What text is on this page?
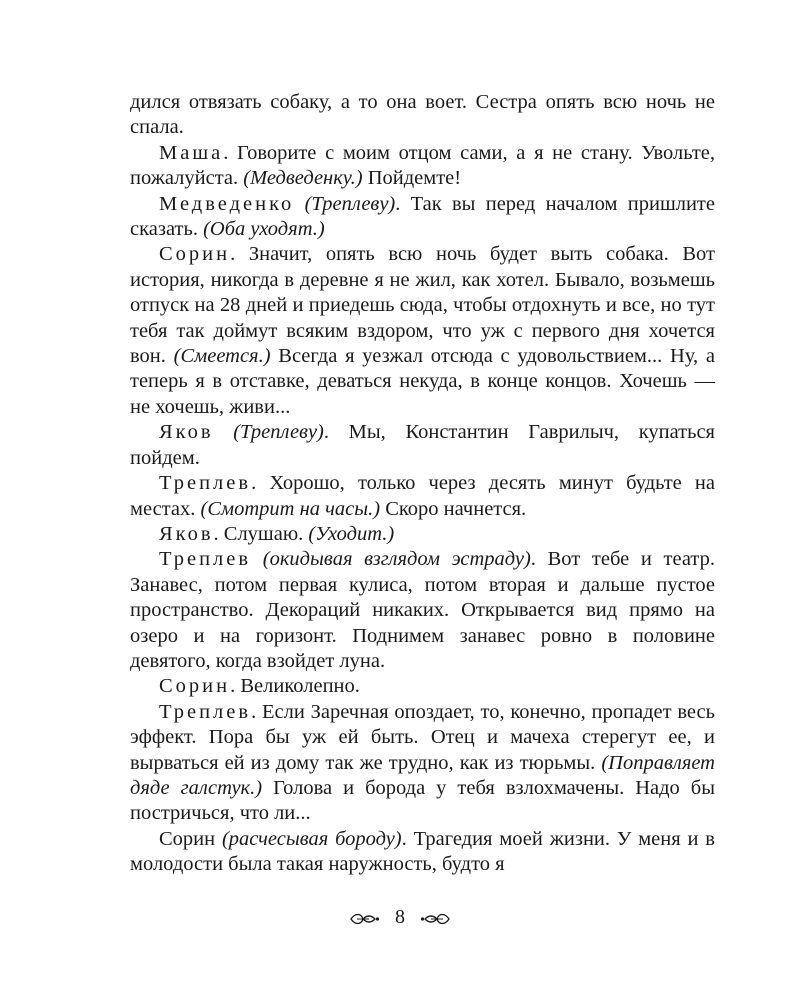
дился отвязать собаку, а то она воет. Сестра опять всю ночь не спала.

Маша. Говорите с моим отцом сами, а я не стану. Увольте, пожалуйста. (Медведенку.) Пойдемте!

Медведенко (Треплеву). Так вы перед началом пришлите сказать. (Оба уходят.)

Сорин. Значит, опять всю ночь будет выть собака. Вот история, никогда в деревне я не жил, как хотел. Бывало, возьмешь отпуск на 28 дней и приедешь сюда, чтобы отдохнуть и все, но тут тебя так доймут всяким вздором, что уж с первого дня хочется вон. (Смеется.) Всегда я уезжал отсюда с удовольствием... Ну, а теперь я в отставке, деваться некуда, в конце концов. Хочешь — не хочешь, живи...

Яков (Треплеву). Мы, Константин Гаврилыч, купаться пойдем.

Треплев. Хорошо, только через десять минут будьте на местах. (Смотрит на часы.) Скоро начнется.

Яков. Слушаю. (Уходит.)

Треплев (окидывая взглядом эстраду). Вот тебе и театр. Занавес, потом первая кулиса, потом вторая и дальше пустое пространство. Декораций никаких. Открывается вид прямо на озеро и на горизонт. Поднимем занавес ровно в половине девятого, когда взойдет луна.

Сорин. Великолепно.

Треплев. Если Заречная опоздает, то, конечно, пропадет весь эффект. Пора бы уж ей быть. Отец и мачеха стерегут ее, и вырваться ей из дому так же трудно, как из тюрьмы. (Поправляет дяде галстук.) Голова и борода у тебя взлохмачены. Надо бы постричься, что ли...

Сорин (расчесывая бороду). Трагедия моей жизни. У меня и в молодости была такая наружность, будто я

8
